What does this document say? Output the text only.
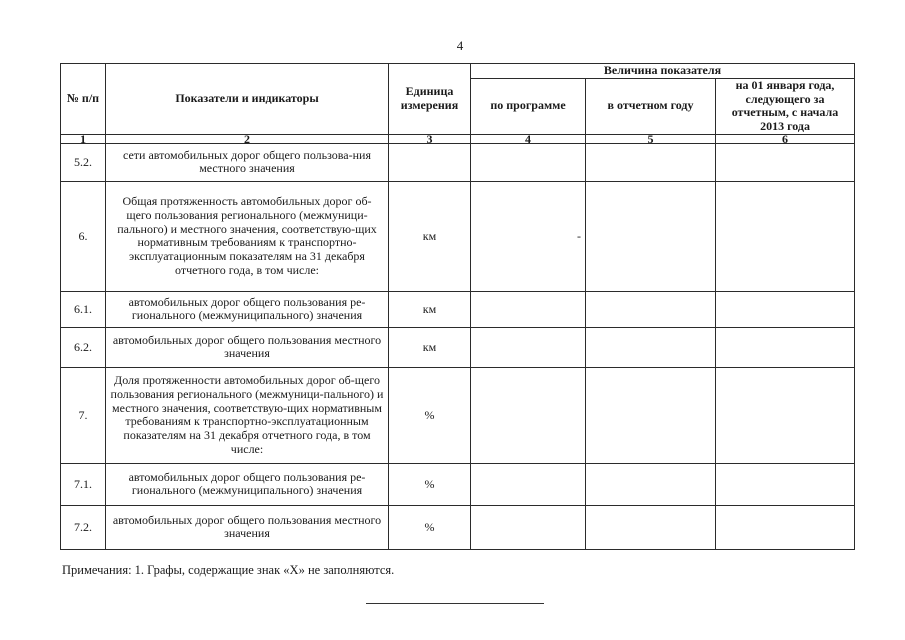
4
№ п/п	Показатели и индикаторы	Единица измерения	Величина показателя		
			по программе	в отчетном году	на 01 января года, следующего за отчетным, с начала 2013 года
1	2	3	4	5	6
5.2.	сети автомобильных дорог общего пользова-ния местного значения				
6.	Общая протяженность автомобильных дорог об-щего пользования регионального (межмуници-пального) и местного значения, соответствую-щих нормативным требованиям к транспортно-эксплуатационным показателям на 31 декабря отчетного года, в том числе:	км	-		
6.1.	автомобильных дорог общего пользования ре-гионального (межмуниципального) значения	км			
6.2.	автомобильных дорог общего пользования местного значения	км			
7.	Доля протяженности автомобильных дорог об-щего пользования регионального (межмуници-пального) и местного значения, соответствую-щих нормативным требованиям к транспортно-эксплуатационным показателям на 31 декабря отчетного года, в том числе:	%			
7.1.	автомобильных дорог общего пользования ре-гионального (межмуниципального) значения	%			
7.2.	автомобильных дорог общего пользования местного значения	%			
Примечания: 1. Графы, содержащие знак «Х» не заполняются.
